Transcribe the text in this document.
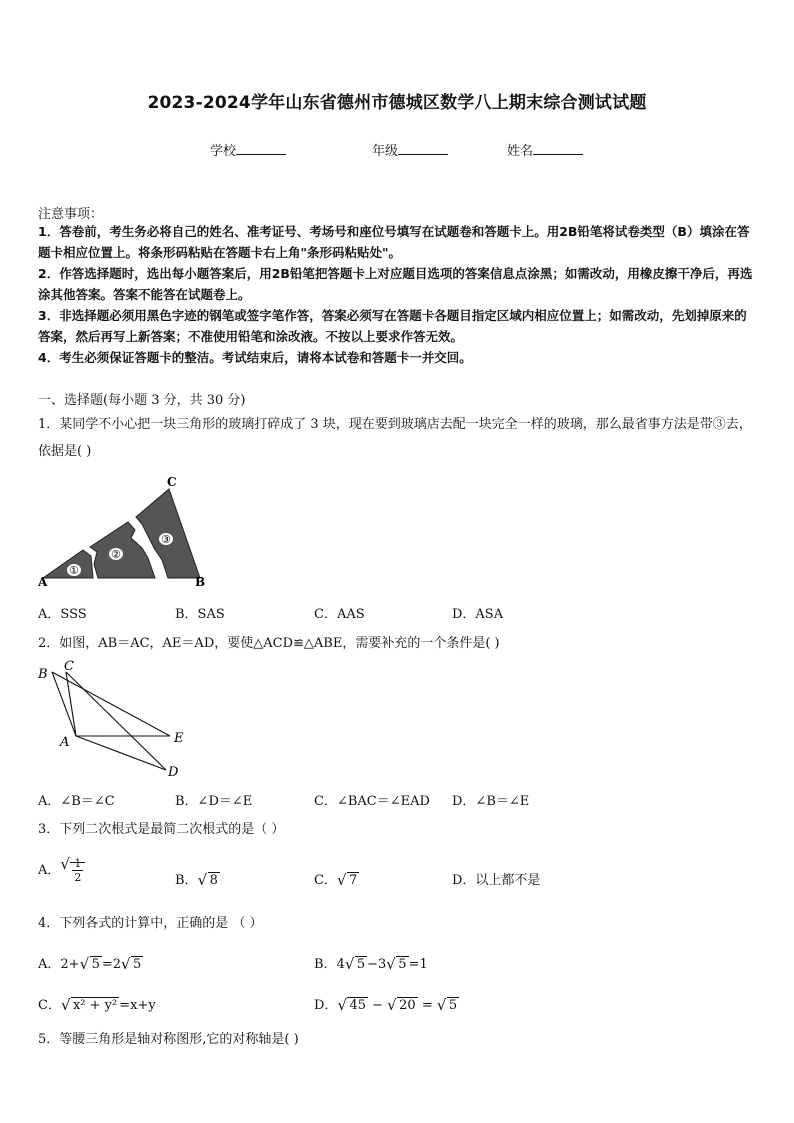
2023-2024学年山东省德州市德城区数学八上期末综合测试试题
学校	年级	姓名
注意事项：
1．答卷前，考生务必将自己的姓名、准考证号、考场号和座位号填写在试题卷和答题卡上。用2B铅笔将试卷类型（B）填涂在答题卡相应位置上。将条形码粘贴在答题卡右上角"条形码粘贴处"。
2．作答选择题时，选出每小题答案后，用2B铅笔把答题卡上对应题目选项的答案信息点涂黑；如需改动，用橡皮擦干净后，再选涂其他答案。答案不能答在试题卷上。
3．非选择题必须用黑色字迹的钢笔或签字笔作答，答案必须写在答题卡各题目指定区域内相应位置上；如需改动，先划掉原来的答案，然后再写上新答案；不准使用铅笔和涂改液。不按以上要求作答无效。
4．考生必须保证答题卡的整洁。考试结束后，请将本试卷和答题卡一并交回。
一、选择题(每小题 3 分，共 30 分)
1．某同学不小心把一块三角形的玻璃打碎成了 3 块，现在要到玻璃店去配一块完全一样的玻璃，那么最省事方法是带③去，依据是( )
①
②
③
A	B
C
A．SSS	B．SAS	C．AAS	D．ASA
2．如图，AB＝AC，AE＝AD，要使△ACD≌△ABE，需要补充的一个条件是( )
B
C
A	E
D
A．∠B＝∠C	B．∠D＝∠E	C．∠BAC＝∠EAD D．∠B＝∠E
3．下列二次根式是最简二次根式的是（ ）
A． √ $\frac{1}{2}$	B． √ 8	C． √ 7	D．以上都不是
4．下列各式的计算中，正确的是 （ ）
A．2+ √ 5 =2 √ 5	B．4 √ 5 −3 √ 5 =1
C． √ x² + y² =x+y	D． √ 45 − √ 20 = √ 5
5．等腰三角形是轴对称图形,它的对称轴是( )
